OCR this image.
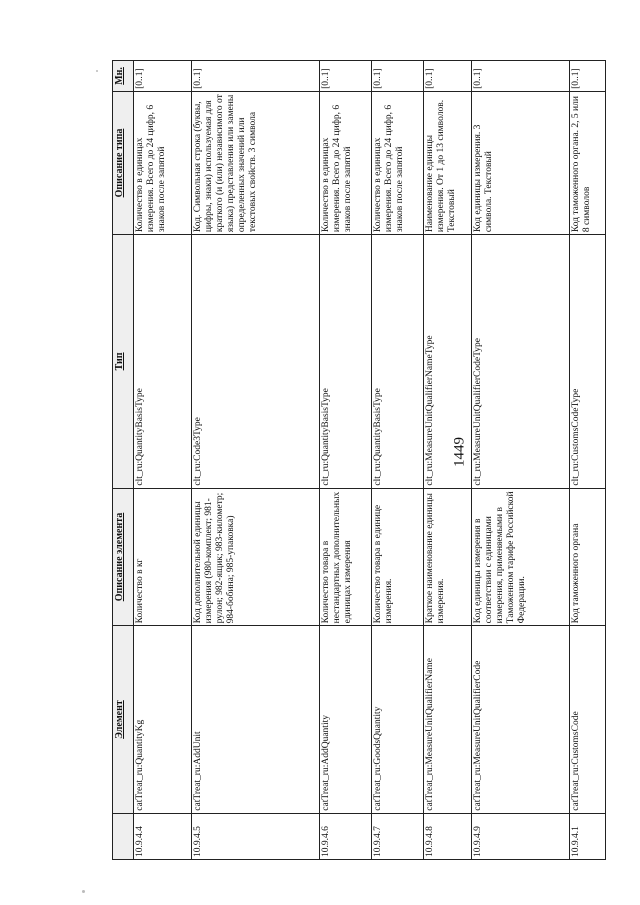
1449
	Элемент	Описание элемента	Тип	Описание типа	Мн.
10.9.4.4	catTreat_ru:QuantityKg	Количество в кг	clt_ru:QuantityBasisType	Количество в единицах измерения. Всего до 24 цифр, 6 знаков после запятой	[0..1]
10.9.4.5	catTreat_ru:AddUnit	Код дополнительной единицы измерения (980-комплект; 981-рулон; 982-ящик; 983-километр; 984-бобина; 985-упаковка)	clt_ru:Code3Type	Код. Символьная строка (буквы, цифры, знаки) используемая для краткого (и (или) независимого от языка) представления или замены определенных значений или текстовых свойств. 3 символа	[0..1]
10.9.4.6	catTreat_ru:AddQuantity	Количество товара в нестандартных дополнительных единицах измерения	clt_ru:QuantityBasisType	Количество в единицах измерения. Всего до 24 цифр, 6 знаков после запятой	[0..1]
10.9.4.7	catTreat_ru:GoodsQuantity	Количество товара в единице измерения.	clt_ru:QuantityBasisType	Количество в единицах измерения. Всего до 24 цифр, 6 знаков после запятой	[0..1]
10.9.4.8	catTreat_ru:MeasureUnitQualifierName	Краткое наименование единицы измерения.	clt_ru:MeasureUnitQualifierNameType	Наименование единицы измерения. От 1 до 13 символов. Текстовый	[0..1]
10.9.4.9	catTreat_ru:MeasureUnitQualifierCode	Код единицы измерения в соответствии с единицами измерения, применяемыми в Таможенном тарифе Российской Федерации.	clt_ru:MeasureUnitQualifierCodeType	Код единицы измерения. 3 символа. Текстовый	[0..1]
10.9.4.1	catTreat_ru:CustomsCode	Код таможенного органа	clt_ru:CustomsCodeType	Код таможенного органа. 2, 5 или 8 символов	[0..1]
